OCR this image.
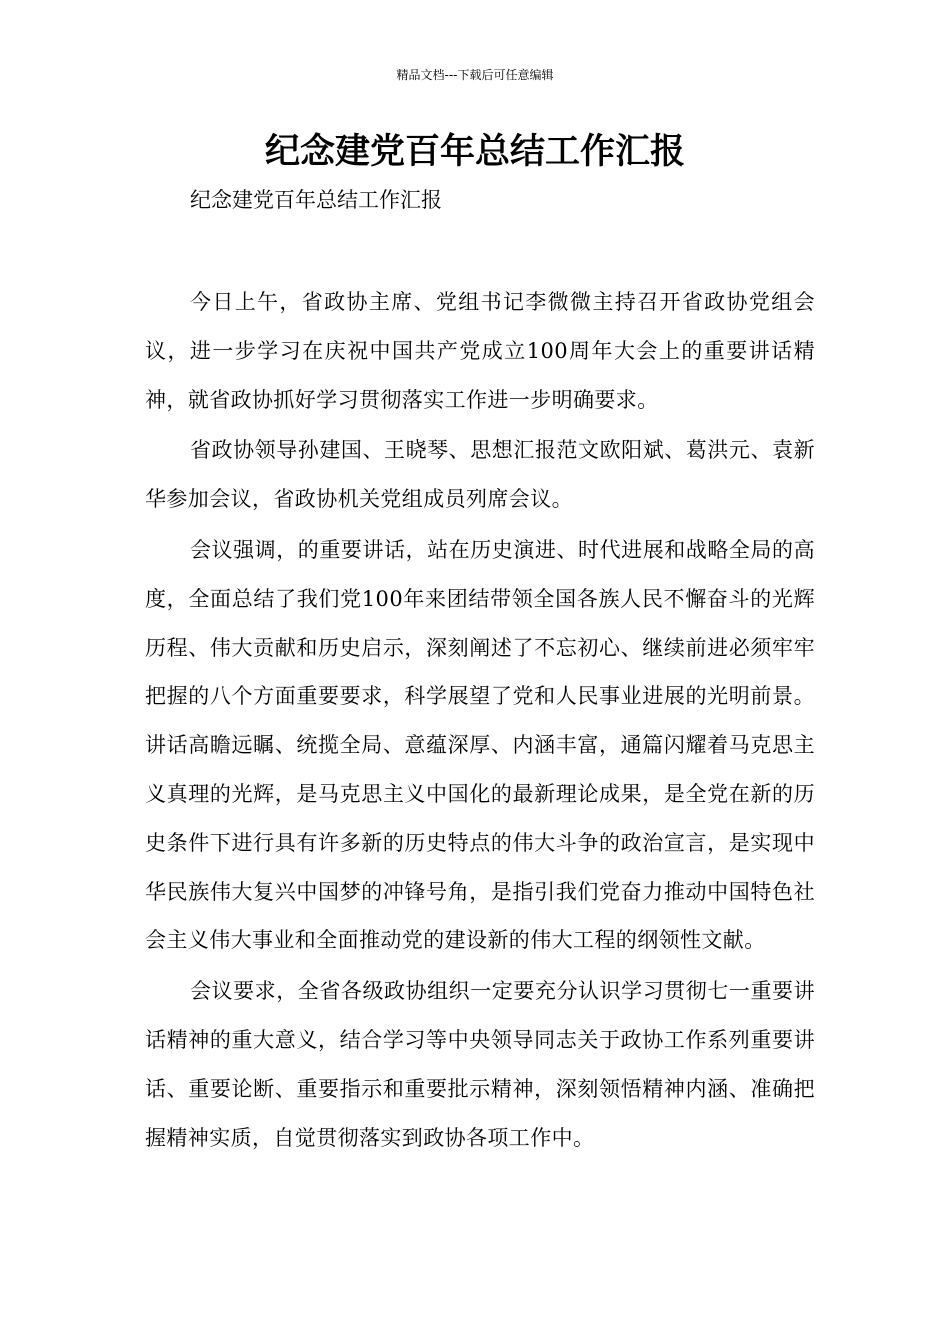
精品文档---下载后可任意编辑
纪念建党百年总结工作汇报

纪念建党百年总结工作汇报

今日上午，省政协主席、党组书记李微微主持召开省政协党组会议，进一步学习在庆祝中国共产党成立100周年大会上的重要讲话精神，就省政协抓好学习贯彻落实工作进一步明确要求。

省政协领导孙建国、王晓琴、思想汇报范文欧阳斌、葛洪元、袁新华参加会议，省政协机关党组成员列席会议。

会议强调，的重要讲话，站在历史演进、时代进展和战略全局的高度，全面总结了我们党100年来团结带领全国各族人民不懈奋斗的光辉历程、伟大贡献和历史启示，深刻阐述了不忘初心、继续前进必须牢牢把握的八个方面重要要求，科学展望了党和人民事业进展的光明前景。讲话高瞻远瞩、统揽全局、意蕴深厚、内涵丰富，通篇闪耀着马克思主义真理的光辉，是马克思主义中国化的最新理论成果，是全党在新的历史条件下进行具有许多新的历史特点的伟大斗争的政治宣言，是实现中华民族伟大复兴中国梦的冲锋号角，是指引我们党奋力推动中国特色社会主义伟大事业和全面推动党的建设新的伟大工程的纲领性文献。

会议要求，全省各级政协组织一定要充分认识学习贯彻七一重要讲话精神的重大意义，结合学习等中央领导同志关于政协工作系列重要讲话、重要论断、重要指示和重要批示精神，深刻领悟精神内涵、准确把握精神实质，自觉贯彻落实到政协各项工作中。
